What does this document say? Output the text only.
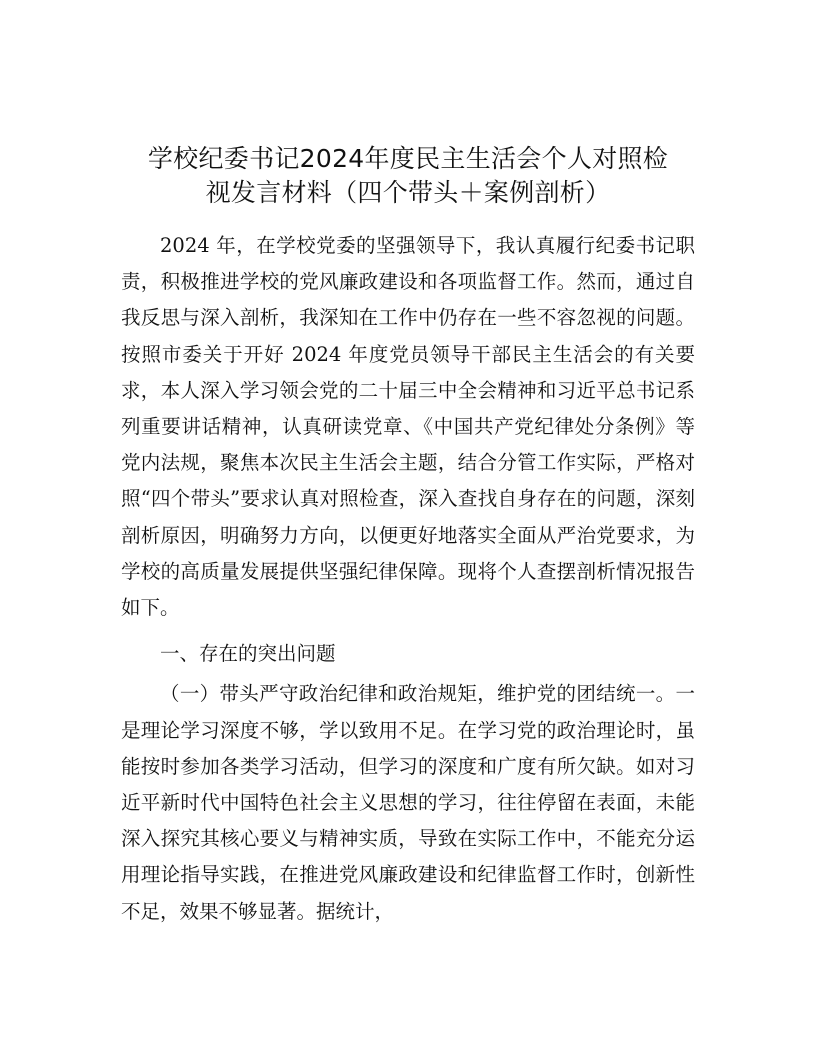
学校纪委书记2024年度民主生活会个人对照检
视发言材料（四个带头＋案例剖析）

2024 年，在学校党委的坚强领导下，我认真履行纪委书记职责，积极推进学校的党风廉政建设和各项监督工作。然而，通过自我反思与深入剖析，我深知在工作中仍存在一些不容忽视的问题。按照市委关于开好 2024 年度党员领导干部民主生活会的有关要求，本人深入学习领会党的二十届三中全会精神和习近平总书记系列重要讲话精神，认真研读党章、《中国共产党纪律处分条例》等党内法规，聚焦本次民主生活会主题，结合分管工作实际，严格对照“四个带头”要求认真对照检查，深入查找自身存在的问题，深刻剖析原因，明确努力方向，以便更好地落实全面从严治党要求，为学校的高质量发展提供坚强纪律保障。现将个人查摆剖析情况报告如下。

一、存在的突出问题

（一）带头严守政治纪律和政治规矩，维护党的团结统一。一是理论学习深度不够，学以致用不足。在学习党的政治理论时，虽能按时参加各类学习活动，但学习的深度和广度有所欠缺。如对习近平新时代中国特色社会主义思想的学习，往往停留在表面，未能深入探究其核心要义与精神实质，导致在实际工作中，不能充分运用理论指导实践，在推进党风廉政建设和纪律监督工作时，创新性不足，效果不够显著。据统计，
